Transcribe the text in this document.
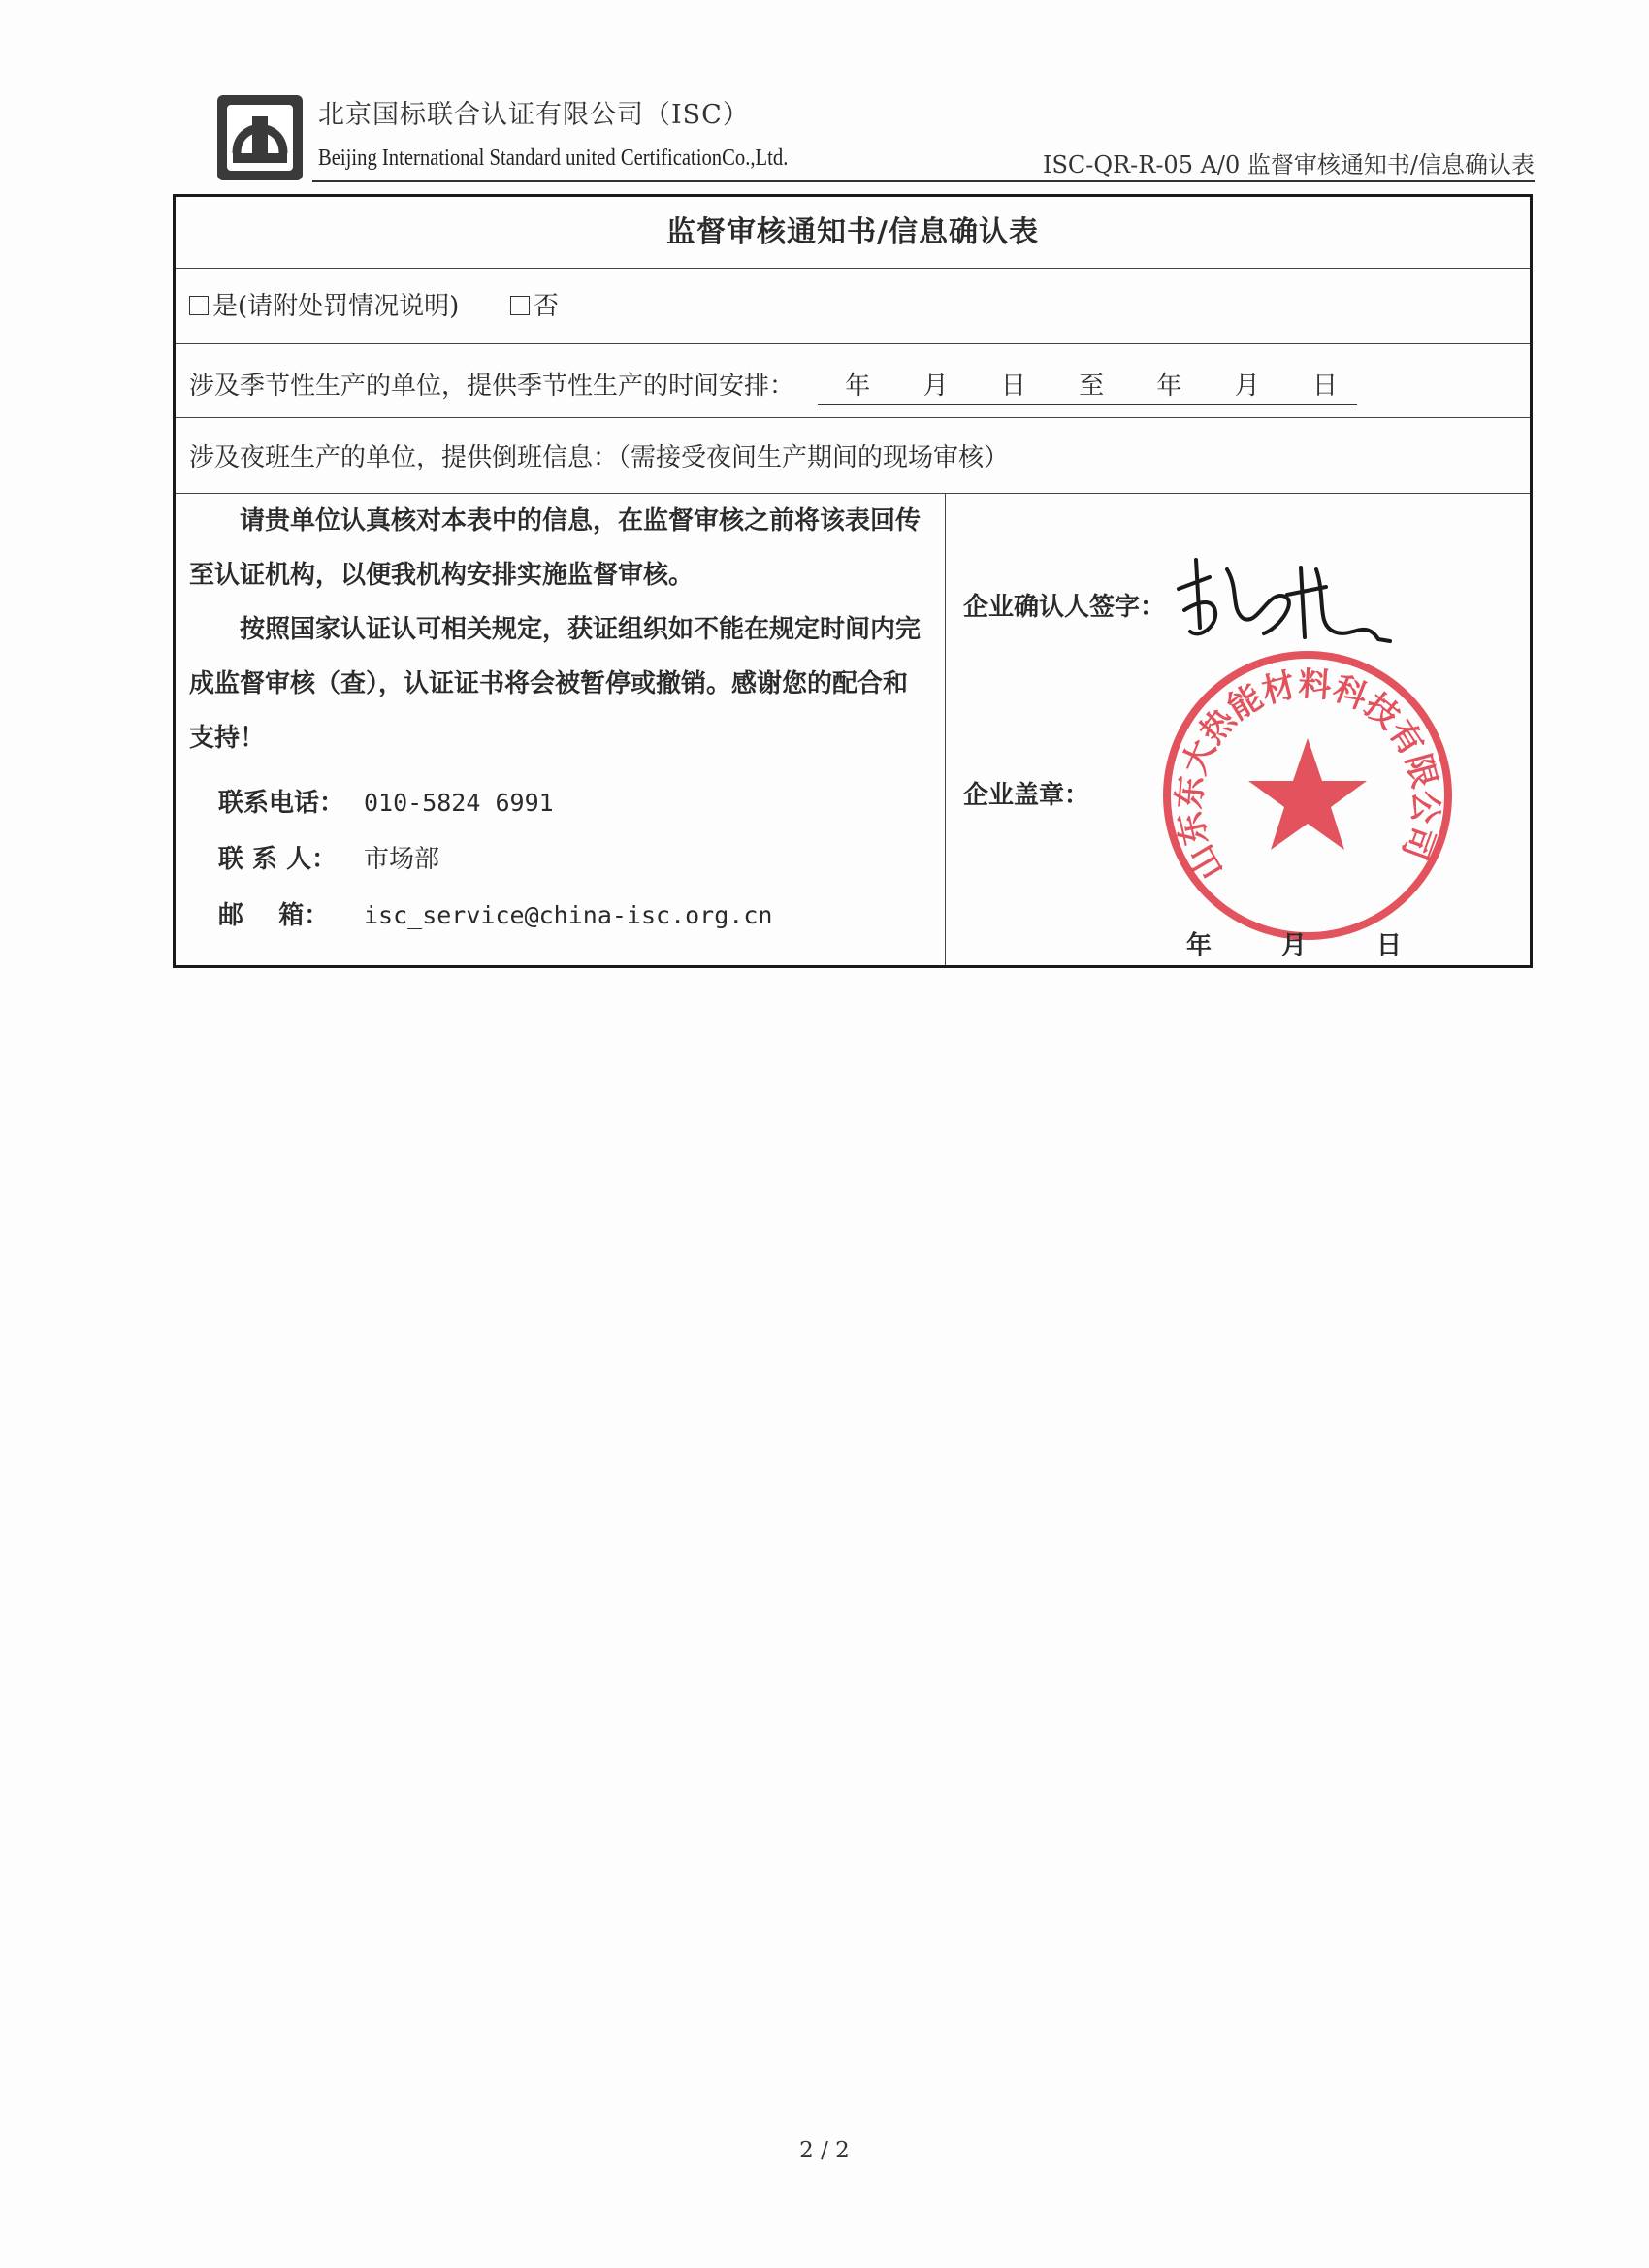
北京国标联合认证有限公司（ISC）
Beijing International Standard united CertificationCo.,Ltd.	ISC-QR-R-05 A/0 监督审核通知书/信息确认表
监督审核通知书/信息确认表
是(请附处罚情况说明)	否
涉及季节性生产的单位，提供季节性生产的时间安排： 年 月 日 至 年 月 日
涉及夜班生产的单位，提供倒班信息：（需接受夜间生产期间的现场审核）

请贵单位认真核对本表中的信息，在监督审核之前将该表回传至认证机构，以便我机构安排实施监督审核。

按照国家认证认可相关规定，获证组织如不能在规定时间内完成监督审核（查），认证证书将会被暂停或撤销。感谢您的配合和支持！

联系电话： 010-5824 6991
联 系 人： 市场部
邮    箱： isc_service@china-isc.org.cn
企业确认人签字：
企业盖章：
山东东大热能材料科技有限公司
年	月	日
2 / 2
